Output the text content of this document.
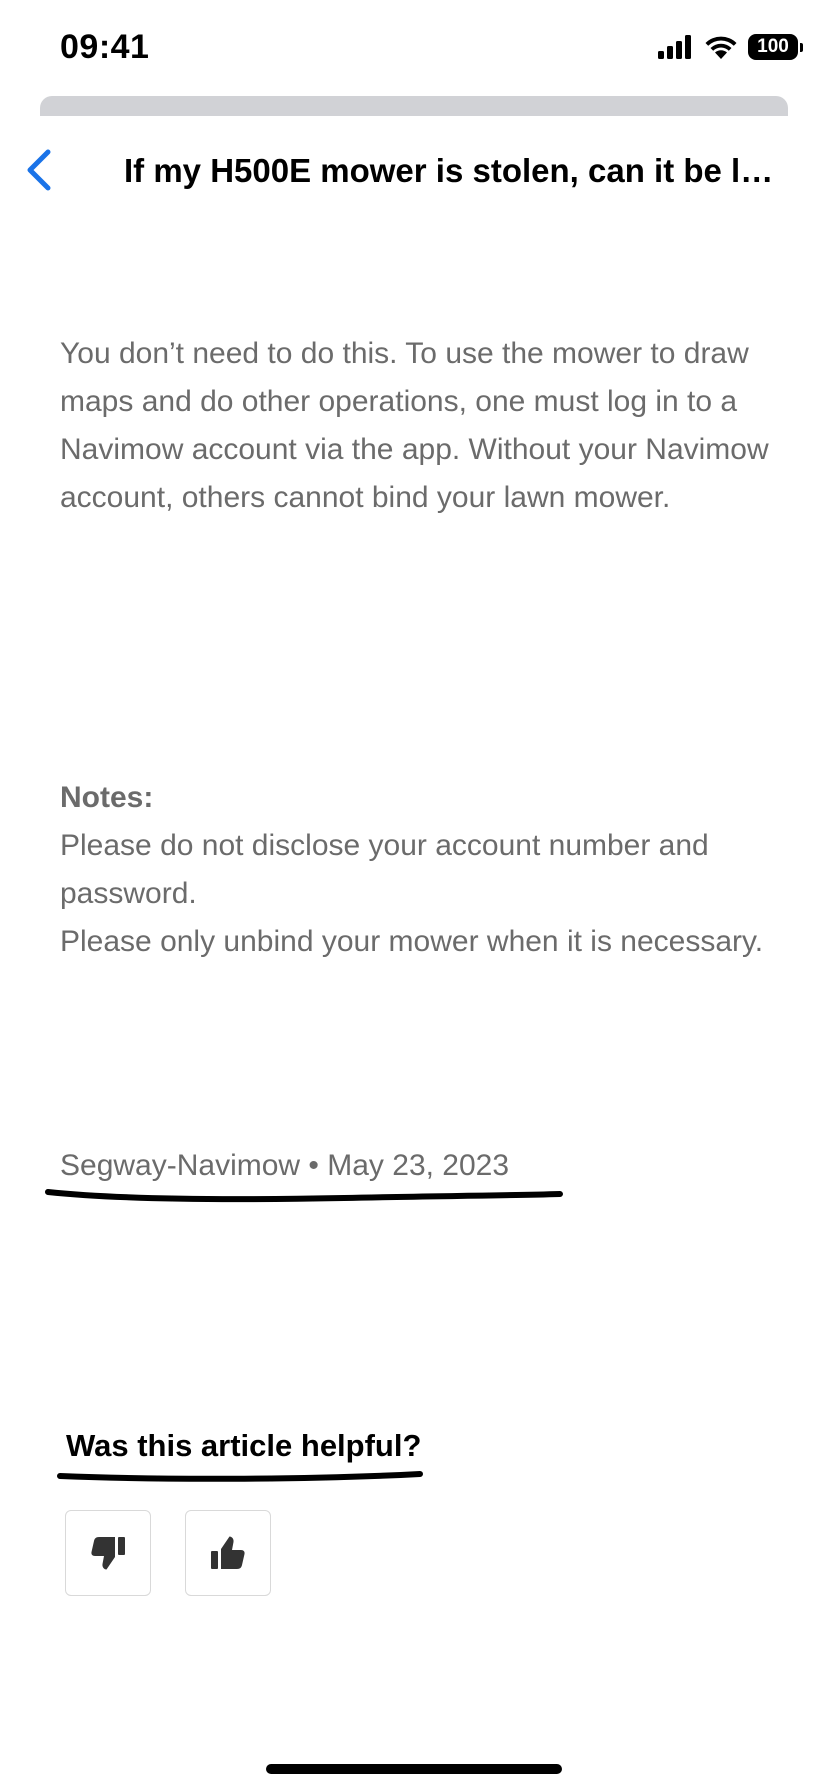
09:41	100
If my H500E mower is stolen, can it be l…

You don’t need to do this. To use the mower to draw maps and do other operations, one must log in to a Navimow account via the app. Without your Navimow account, others cannot bind your lawn mower.

Notes:

Please do not disclose your account number and password.

Please only unbind your mower when it is necessary.

Segway-Navimow • May 23, 2023
Was this article helpful?
